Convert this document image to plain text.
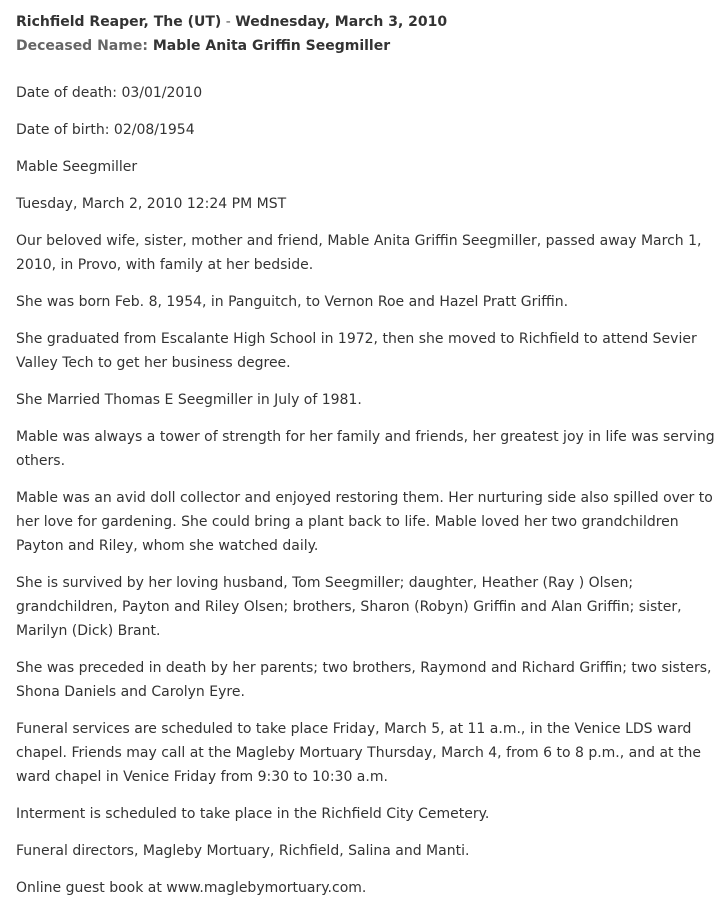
Richfield Reaper, The (UT) - Wednesday, March 3, 2010
Deceased Name: Mable Anita Griffin Seegmiller

Date of death: 03/01/2010

Date of birth: 02/08/1954

Mable Seegmiller

Tuesday, March 2, 2010 12:24 PM MST

Our beloved wife, sister, mother and friend, Mable Anita Griffin Seegmiller, passed away March 1, 2010, in Provo, with family at her bedside.

She was born Feb. 8, 1954, in Panguitch, to Vernon Roe and Hazel Pratt Griffin.

She graduated from Escalante High School in 1972, then she moved to Richfield to attend Sevier Valley Tech to get her business degree.

She Married Thomas E Seegmiller in July of 1981.

Mable was always a tower of strength for her family and friends, her greatest joy in life was serving others.

Mable was an avid doll collector and enjoyed restoring them. Her nurturing side also spilled over to her love for gardening. She could bring a plant back to life. Mable loved her two grandchildren Payton and Riley, whom she watched daily.

She is survived by her loving husband, Tom Seegmiller; daughter, Heather (Ray ) Olsen; grandchildren, Payton and Riley Olsen; brothers, Sharon (Robyn) Griffin and Alan Griffin; sister, Marilyn (Dick) Brant.

She was preceded in death by her parents; two brothers, Raymond and Richard Griffin; two sisters, Shona Daniels and Carolyn Eyre.

Funeral services are scheduled to take place Friday, March 5, at 11 a.m., in the Venice LDS ward chapel. Friends may call at the Magleby Mortuary Thursday, March 4, from 6 to 8 p.m., and at the ward chapel in Venice Friday from 9:30 to 10:30 a.m.

Interment is scheduled to take place in the Richfield City Cemetery.

Funeral directors, Magleby Mortuary, Richfield, Salina and Manti.

Online guest book at www.maglebymortuary.com.
